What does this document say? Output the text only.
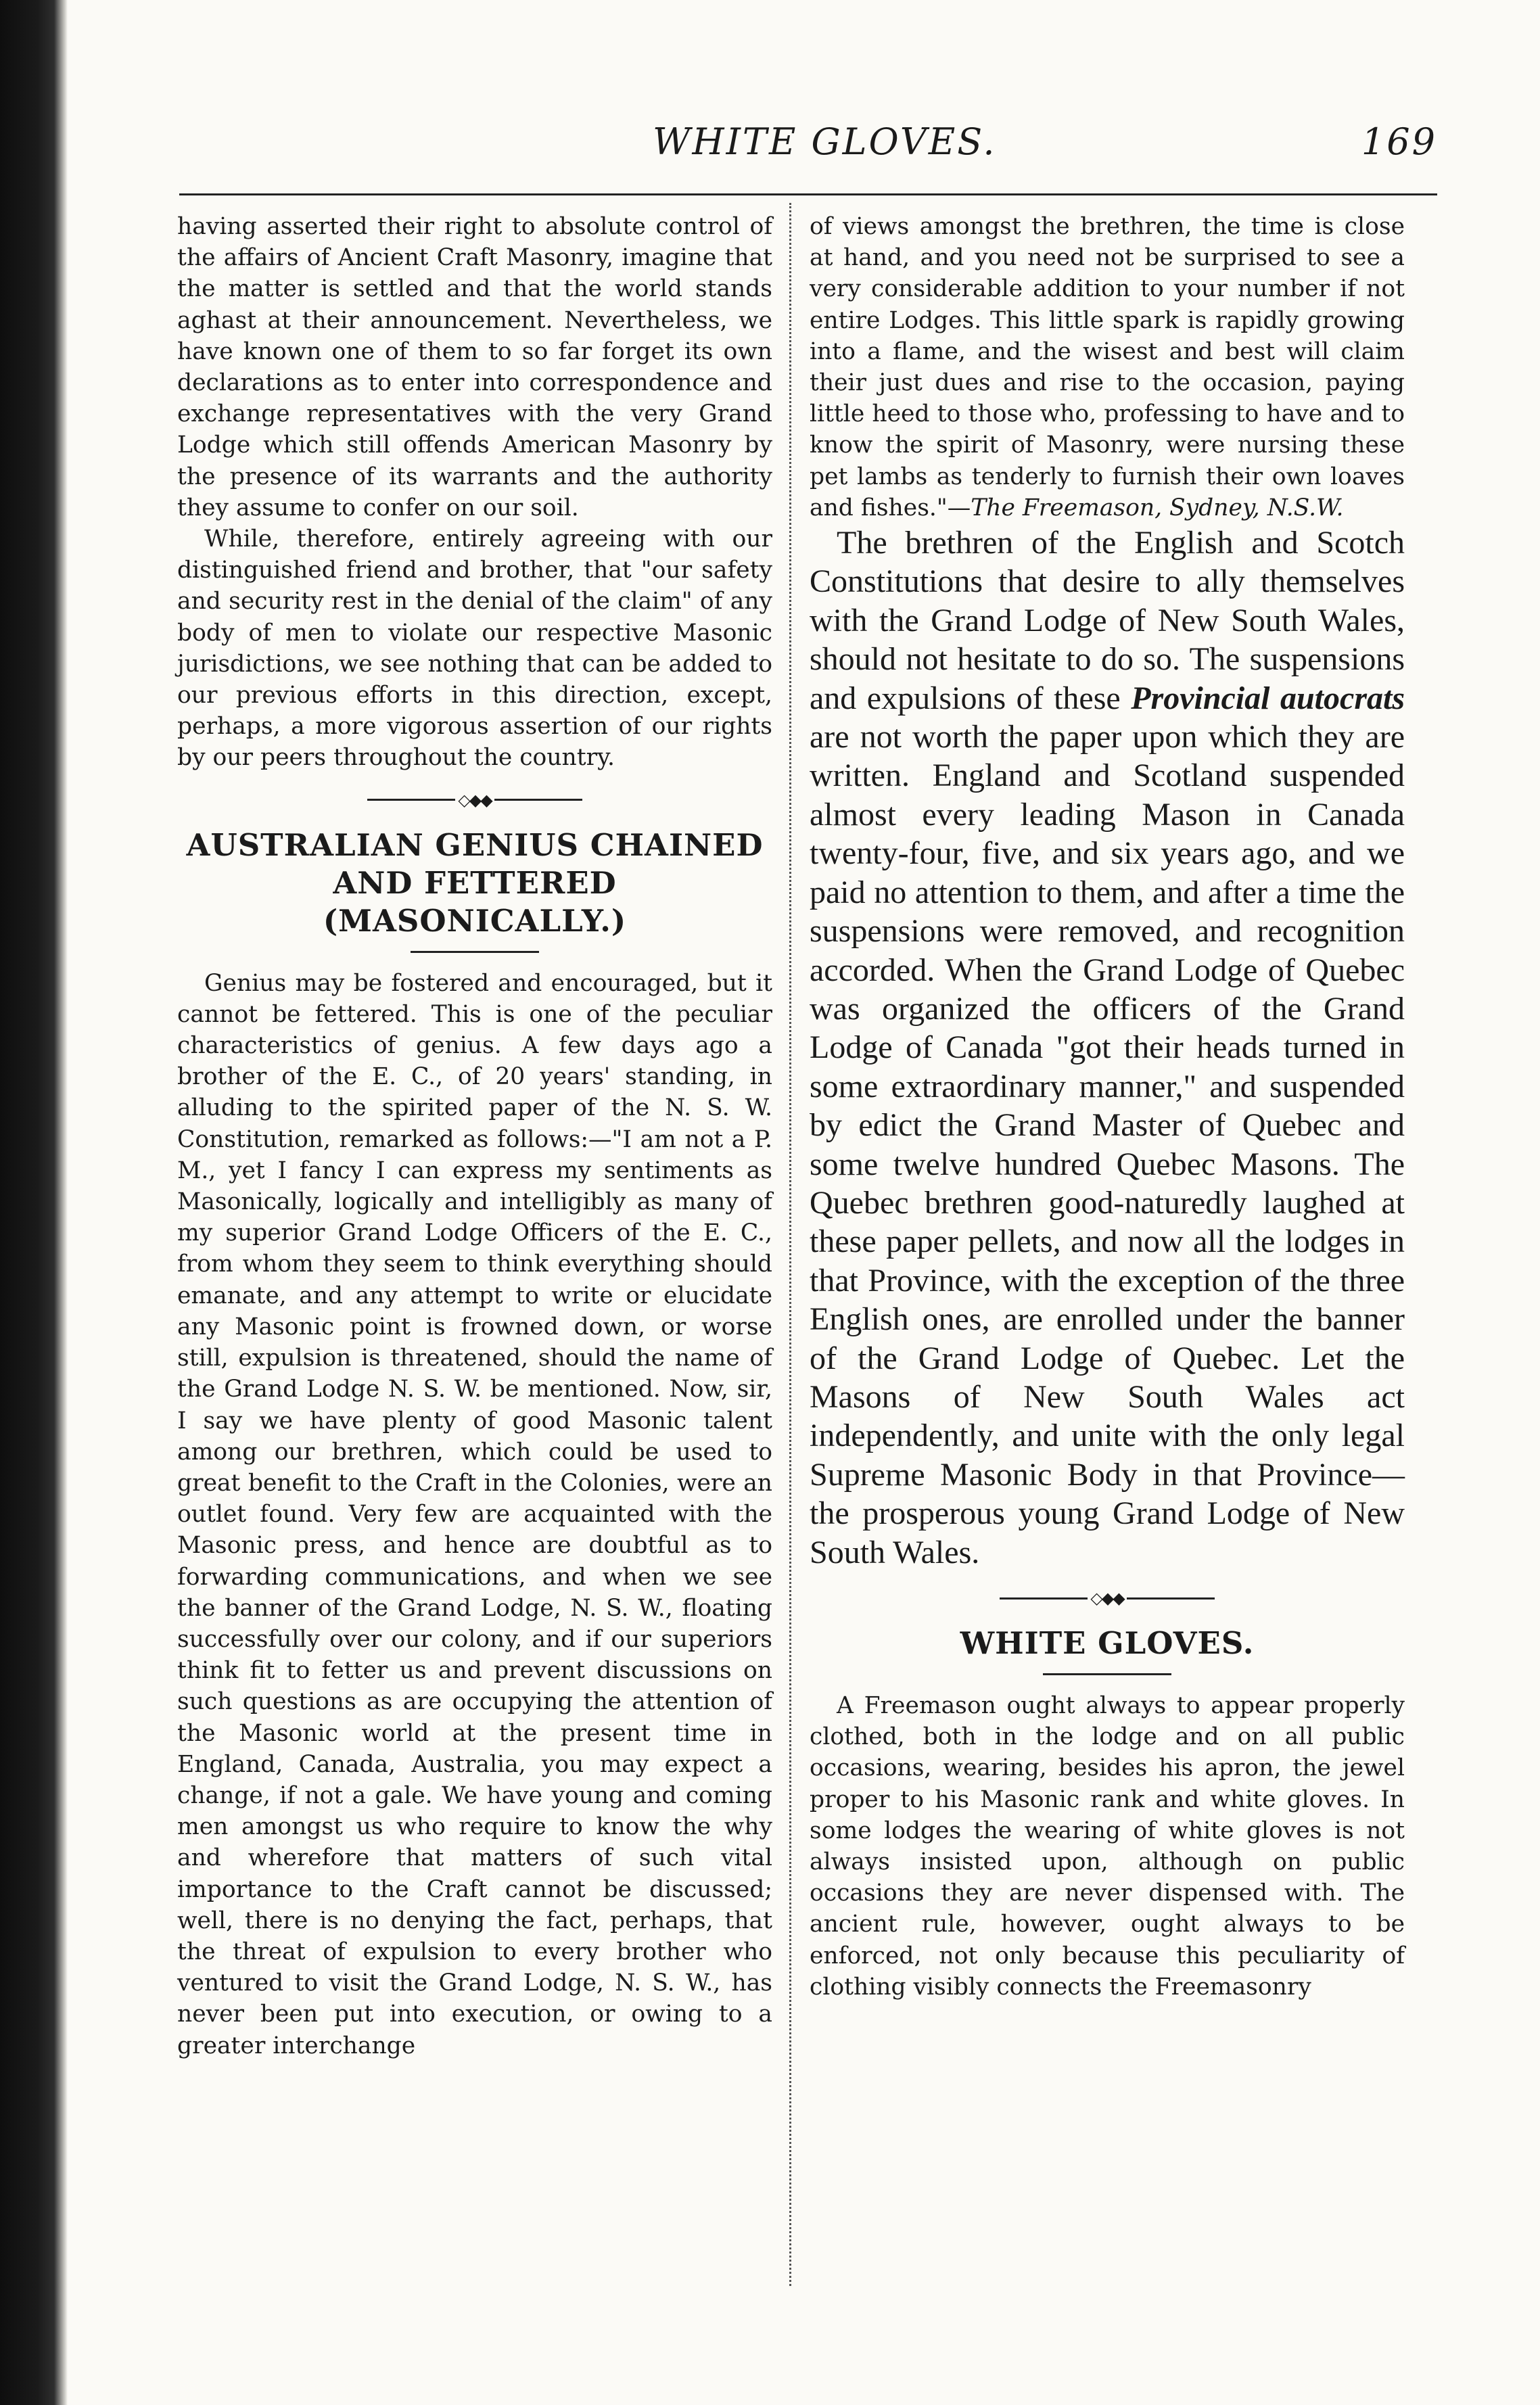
WHITE GLOVES.	169

having asserted their right to absolute control of the affairs of Ancient Craft Masonry, imagine that the matter is settled and that the world stands aghast at their announcement. Nevertheless, we have known one of them to so far forget its own declarations as to enter into correspondence and exchange representatives with the very Grand Lodge which still offends American Masonry by the presence of its warrants and the authority they assume to confer on our soil.

While, therefore, entirely agreeing with our distinguished friend and brother, that "our safety and security rest in the denial of the claim" of any body of men to violate our respective Masonic jurisdictions, we see nothing that can be added to our previous efforts in this direction, except, perhaps, a more vigorous assertion of our rights by our peers throughout the country.

◇◆◆
AUSTRALIAN GENIUS CHAINED AND FETTERED (MASONICALLY.)

Genius may be fostered and encouraged, but it cannot be fettered. This is one of the peculiar characteristics of genius. A few days ago a brother of the E. C., of 20 years' standing, in alluding to the spirited paper of the N. S. W. Constitution, remarked as follows:—"I am not a P. M., yet I fancy I can express my sentiments as Masonically, logically and intelligibly as many of my superior Grand Lodge Officers of the E. C., from whom they seem to think everything should emanate, and any attempt to write or elucidate any Masonic point is frowned down, or worse still, expulsion is threatened, should the name of the Grand Lodge N. S. W. be mentioned. Now, sir, I say we have plenty of good Masonic talent among our brethren, which could be used to great benefit to the Craft in the Colonies, were an outlet found. Very few are acquainted with the Masonic press, and hence are doubtful as to forwarding communications, and when we see the banner of the Grand Lodge, N. S. W., floating successfully over our colony, and if our superiors think fit to fetter us and prevent discussions on such questions as are occupying the attention of the Masonic world at the present time in England, Canada, Australia, you may expect a change, if not a gale. We have young and coming men amongst us who require to know the why and wherefore that matters of such vital importance to the Craft cannot be discussed; well, there is no denying the fact, perhaps, that the threat of expulsion to every brother who ventured to visit the Grand Lodge, N. S. W., has never been put into execution, or owing to a greater interchange

of views amongst the brethren, the time is close at hand, and you need not be surprised to see a very considerable addition to your number if not entire Lodges. This little spark is rapidly growing into a flame, and the wisest and best will claim their just dues and rise to the occasion, paying little heed to those who, professing to have and to know the spirit of Masonry, were nursing these pet lambs as tenderly to furnish their own loaves and fishes."—The Freemason, Sydney, N.S.W.

The brethren of the English and Scotch Constitutions that desire to ally themselves with the Grand Lodge of New South Wales, should not hesitate to do so. The suspensions and expulsions of these Provincial autocrats are not worth the paper upon which they are written. England and Scotland suspended almost every leading Mason in Canada twenty-four, five, and six years ago, and we paid no attention to them, and after a time the suspensions were removed, and recognition accorded. When the Grand Lodge of Quebec was organized the officers of the Grand Lodge of Canada "got their heads turned in some extraordinary manner," and suspended by edict the Grand Master of Quebec and some twelve hundred Quebec Masons. The Quebec brethren good-naturedly laughed at these paper pellets, and now all the lodges in that Province, with the exception of the three English ones, are enrolled under the banner of the Grand Lodge of Quebec. Let the Masons of New South Wales act independently, and unite with the only legal Supreme Masonic Body in that Province—the prosperous young Grand Lodge of New South Wales.

◇◆◆
WHITE GLOVES.

A Freemason ought always to appear properly clothed, both in the lodge and on all public occasions, wearing, besides his apron, the jewel proper to his Masonic rank and white gloves. In some lodges the wearing of white gloves is not always insisted upon, although on public occasions they are never dispensed with. The ancient rule, however, ought always to be enforced, not only because this peculiarity of clothing visibly connects the Freemasonry
